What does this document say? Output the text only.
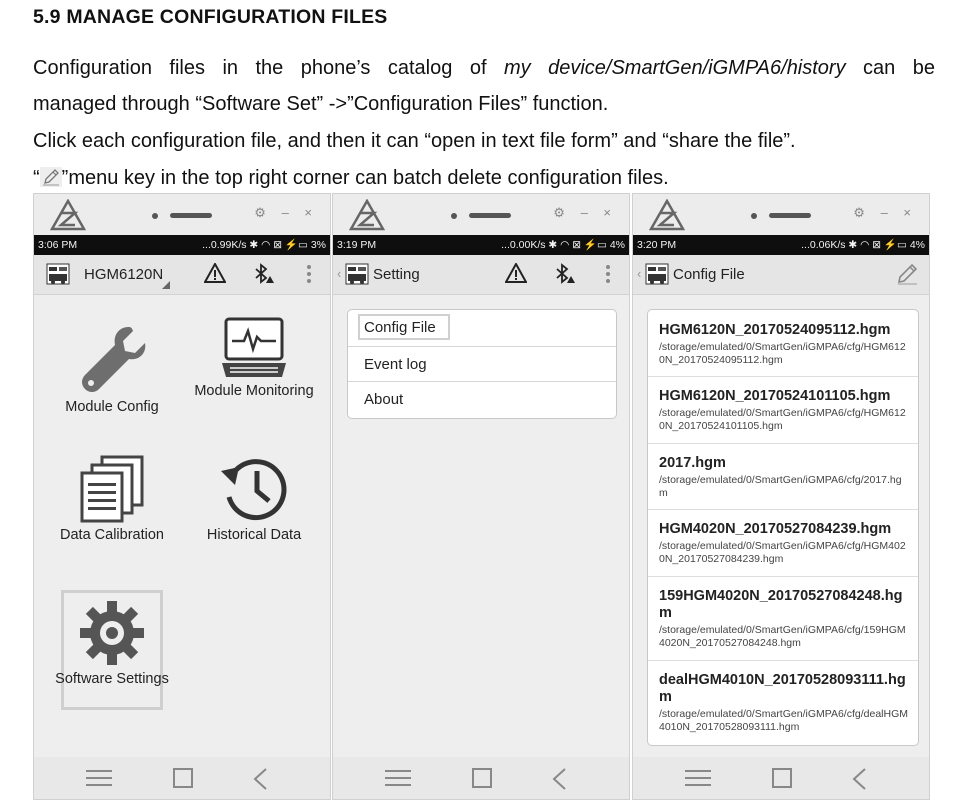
5.9 MANAGE CONFIGURATION FILES
Configuration files in the phone’s catalog of my device/SmartGen/iGMPA6/history can be
managed through “Software Set” ->”Configuration Files” function.
Click each configuration file, and then it can “open in text file form” and “share the file”.
“ ”menu key in the top right corner can batch delete configuration files.
⚙ – ×
3:06 PM	...0.99K/s ✱ ◠ ⊠ ⚡▭ 3%
HGM6120N
Module Config
Module Monitoring
Data Calibration	Historical Data
Software Settings
⚙ – ×
3:19 PM	...0.00K/s ✱ ◠ ⊠ ⚡▭ 4%
‹ Setting
Config File
Event log
About
⚙ – ×
3:20 PM	...0.06K/s ✱ ◠ ⊠ ⚡▭ 4%
‹ Config File
HGM6120N_20170524095112.hgm
/storage/emulated/0/SmartGen/iGMPA6/cfg/HGM6120N_20170524095112.hgm
HGM6120N_20170524101105.hgm
/storage/emulated/0/SmartGen/iGMPA6/cfg/HGM6120N_20170524101105.hgm
2017.hgm
/storage/emulated/0/SmartGen/iGMPA6/cfg/2017.hgm
HGM4020N_20170527084239.hgm
/storage/emulated/0/SmartGen/iGMPA6/cfg/HGM4020N_20170527084239.hgm
159HGM4020N_20170527084248.hgm
/storage/emulated/0/SmartGen/iGMPA6/cfg/159HGM4020N_20170527084248.hgm
dealHGM4010N_20170528093111.hgm
/storage/emulated/0/SmartGen/iGMPA6/cfg/dealHGM4010N_20170528093111.hgm
